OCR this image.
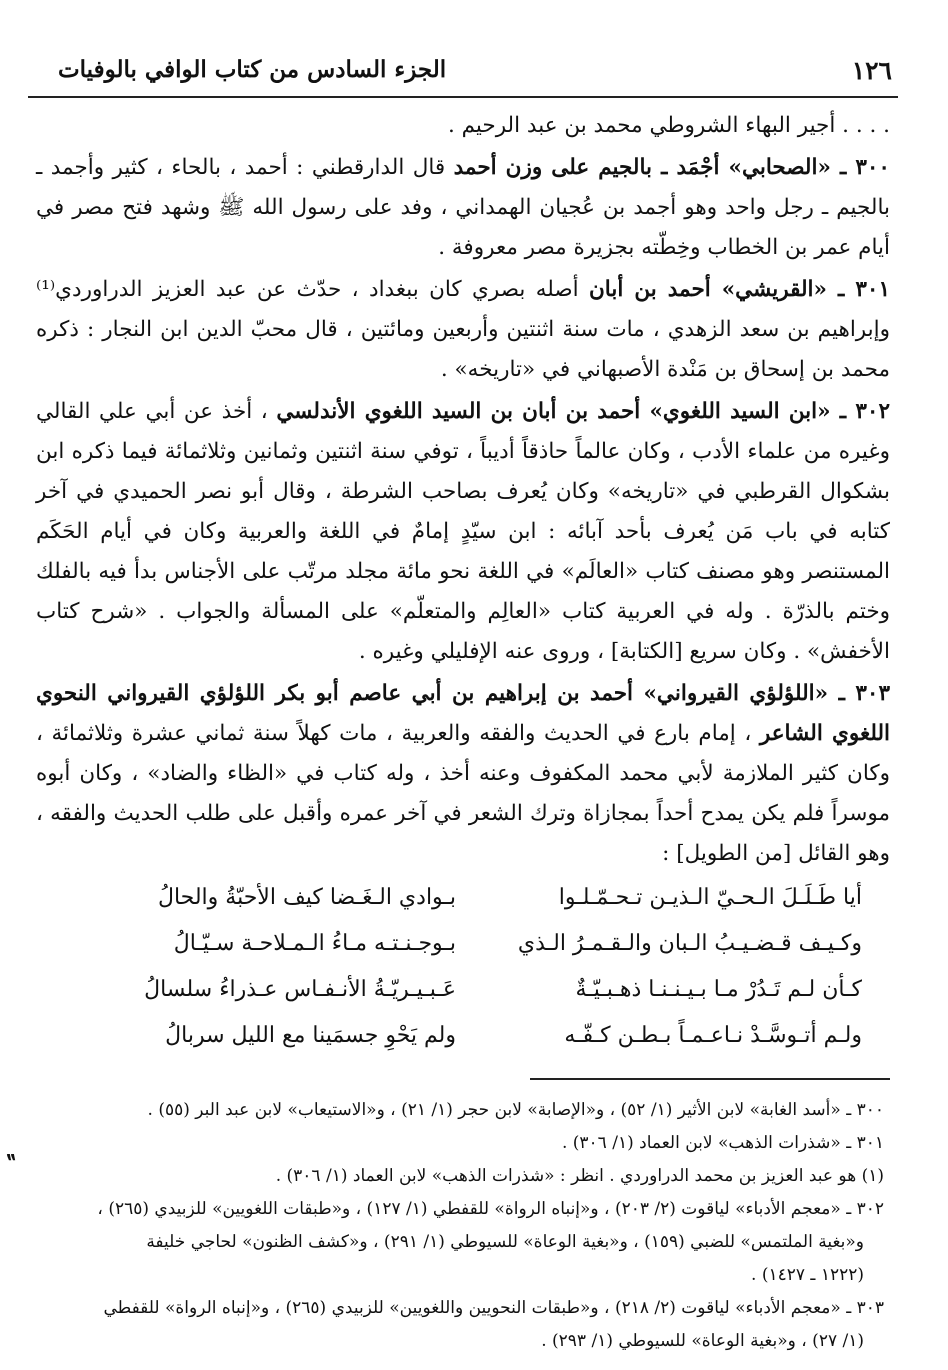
١٢٦
الجزء السادس من كتاب الوافي بالوفيات

. . . . أجير البهاء الشروطي محمد بن عبد الرحيم .

٣٠٠ ـ «الصحابي» أجْمَد ـ بالجيم على وزن أحمد قال الدارقطني : أحمد ، بالحاء ، كثير وأجمد ـ بالجيم ـ رجل واحد وهو أجمد بن عُجيان الهمداني ، وفد على رسول الله ﷺ وشهد فتح مصر في أيام عمر بن الخطاب وخِطّته بجزيرة مصر معروفة .

٣٠١ ـ «القريشي» أحمد بن أبان أصله بصري كان ببغداد ، حدّث عن عبد العزيز الدراوردي⁽¹⁾ وإبراهيم بن سعد الزهدي ، مات سنة اثنتين وأربعين ومائتين ، قال محبّ الدين ابن النجار : ذكره محمد بن إسحاق بن مَنْدة الأصبهاني في «تاريخه» .

٣٠٢ ـ «ابن السيد اللغوي» أحمد بن أبان بن السيد اللغوي الأندلسي ، أخذ عن أبي علي القالي وغيره من علماء الأدب ، وكان عالماً حاذقاً أديباً ، توفي سنة اثنتين وثمانين وثلاثمائة فيما ذكره ابن بشكوال القرطبي في «تاريخه» وكان يُعرف بصاحب الشرطة ، وقال أبو نصر الحميدي في آخر كتابه في باب مَن يُعرف بأحد آبائه : ابن سيّدٍ إمامٌ في اللغة والعربية وكان في أيام الحَكَم المستنصر وهو مصنف كتاب «العالَم» في اللغة نحو مائة مجلد مرتّب على الأجناس بدأ فيه بالفلك وختم بالذرّة . وله في العربية كتاب «العالِم والمتعلّم» على المسألة والجواب . «شرح كتاب الأخفش» . وكان سريع [الكتابة] ، وروى عنه الإفليلي وغيره .

٣٠٣ ـ «اللؤلؤي القيرواني» أحمد بن إبراهيم بن أبي عاصم أبو بكر اللؤلؤي القيرواني النحوي اللغوي الشاعر ، إمام بارع في الحديث والفقه والعربية ، مات كهلاً سنة ثماني عشرة وثلاثمائة ، وكان كثير الملازمة لأبي محمد المكفوف وعنه أخذ ، وله كتاب في «الظاء والضاد» ، وكان أبوه موسراً فلم يكن يمدح أحداً بمجازاة وترك الشعر في آخر عمره وأقبل على طلب الحديث والفقه ، وهو القائل [من الطويل] :

أيا طَـلَـلَ الـحـيّ الـذيـن تـحـمّـلـوا
بـوادي الـغَـضا كيف الأحبّةُ والحالُ
وكـيـف قـضـيـبُ الـبان والـقـمـرُ الـذي
بـوجـنـتـه مـاءُ الـمـلاحـة سـيّـالُ
كـأن لـم تَـدُرْ مـا بـيـنـنـا ذهـبـيّـةٌ
عَـبـيـريّـةُ الأنـفـاس عـذراءُ سلسالُ
ولـم أتـوسَّـدْ نـاعـمـاً بـطـن كـفّـه
ولم يَحْوِ جسمَينا مع الليل سربالُ
٣٠٠ ـ «أسد الغابة» لابن الأثير (١/ ٥٢) ، و«الإصابة» لابن حجر (١/ ٢١) ، و«الاستيعاب» لابن عبد البر (٥٥) .
٣٠١ ـ «شذرات الذهب» لابن العماد (١/ ٣٠٦) .
(١) هو عبد العزيز بن محمد الدراوردي . انظر : «شذرات الذهب» لابن العماد (١/ ٣٠٦) .
٣٠٢ ـ «معجم الأدباء» لياقوت (٢/ ٢٠٣) ، و«إنباه الرواة» للقفطي (١/ ١٢٧) ، و«طبقات اللغويين» للزبيدي (٢٦٥) ،
و«بغية الملتمس» للضبي (١٥٩) ، و«بغية الوعاة» للسيوطي (١/ ٢٩١) ، و«كشف الظنون» لحاجي خليفة
(١٢٢٢ ـ ١٤٢٧) .
٣٠٣ ـ «معجم الأدباء» لياقوت (٢/ ٢١٨) ، و«طبقات النحويين واللغويين» للزبيدي (٢٦٥) ، و«إنباه الرواة» للقفطي
(١/ ٢٧) ، و«بغية الوعاة» للسيوطي (١/ ٢٩٣) .
⹂
